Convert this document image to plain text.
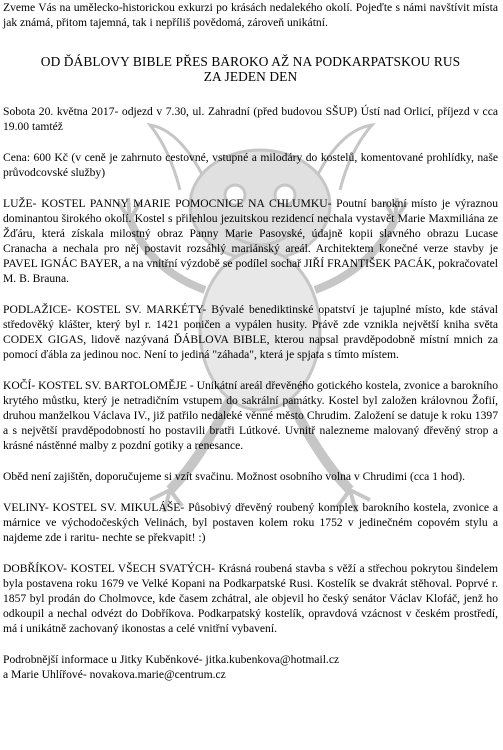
Zveme Vás na umělecko-historickou exkurzi po krásách nedalekého okolí. Pojeďte s námi navštívit místa jak známá, přitom tajemná, tak i nepříliš povědomá, zároveň unikátní.

OD ĎÁBLOVY BIBLE PŘES BAROKO AŽ NA PODKARPATSKOU RUS
ZA JEDEN DEN

Sobota 20. května 2017- odjezd v 7.30, ul. Zahradní (před budovou SŠUP) Ústí nad Orlicí, příjezd v cca 19.00 tamtéž

Cena: 600 Kč (v ceně je zahrnuto cestovné, vstupné a milodáry do kostelů, komentované prohlídky, naše průvodcovské služby)

LUŽE- KOSTEL PANNY MARIE POMOCNICE NA CHLUMKU- Poutní barokní místo je výraznou dominantou širokého okolí. Kostel s přilehlou jezuitskou rezidencí nechala vystavět Marie Maxmiliána ze Žďáru, která získala milostný obraz Panny Marie Pasovské, údajně kopii slavného obrazu Lucase Cranacha a nechala pro něj postavit rozsáhlý mariánský areál. Architektem konečné verze stavby je PAVEL IGNÁC BAYER, a na vnitřní výzdobě se podílel sochař JIŘÍ FRANTIŠEK PACÁK, pokračovatel M. B. Brauna.

PODLAŽICE- KOSTEL SV. MARKÉTY- Bývalé benediktinské opatství je tajuplné místo, kde stával středověký klášter, který byl r. 1421 poničen a vypálen husity. Právě zde vznikla největší kniha světa CODEX GIGAS, lidově nazývaná ĎÁBLOVA BIBLE, kterou napsal pravděpodobně místní mnich za pomocí ďábla za jedinou noc. Není to jediná "záhada", která je spjata s tímto místem.

KOČÍ- KOSTEL SV. BARTOLOMĚJE - Unikátní areál dřevěného gotického kostela, zvonice a barokního krytého můstku, který je netradičním vstupem do sakrální památky. Kostel byl založen královnou Žofií, druhou manželkou Václava IV., již patřilo nedaleké věnné město Chrudim. Založení se datuje k roku 1397 a s největší pravděpodobností ho postavili bratři Lútkové. Uvnitř nalezneme malovaný dřevěný strop a krásné nástěnné malby z pozdní gotiky a renesance.

Oběd není zajištěn, doporučujeme si vzít svačinu. Možnost osobního volna v Chrudimi (cca 1 hod).

VELINY- KOSTEL SV. MIKULÁŠE- Působivý dřevěný roubený komplex barokního kostela, zvonice a márnice ve východočeských Velinách, byl postaven kolem roku 1752 v jedinečném copovém stylu a najdeme zde i raritu- nechte se překvapit! :)

DOBŘÍKOV- KOSTEL VŠECH SVATÝCH- Krásná roubená stavba s věží a střechou pokrytou šindelem byla postavena roku 1679 ve Velké Kopani na Podkarpatské Rusi. Kostelík se dvakrát stěhoval. Poprvé r. 1857 byl prodán do Cholmovce, kde časem zchátral, ale objevil ho český senátor Václav Klofáč, jenž ho odkoupil a nechal odvézt do Dobříkova. Podkarpatský kostelík, opravdová vzácnost v českém prostředí, má i unikátně zachovaný ikonostas a celé vnitřní vybavení.

Podrobnější informace u Jitky Kuběnkové- jitka.kubenkova@hotmail.cz

a Marie Uhlířové- novakova.marie@centrum.cz
